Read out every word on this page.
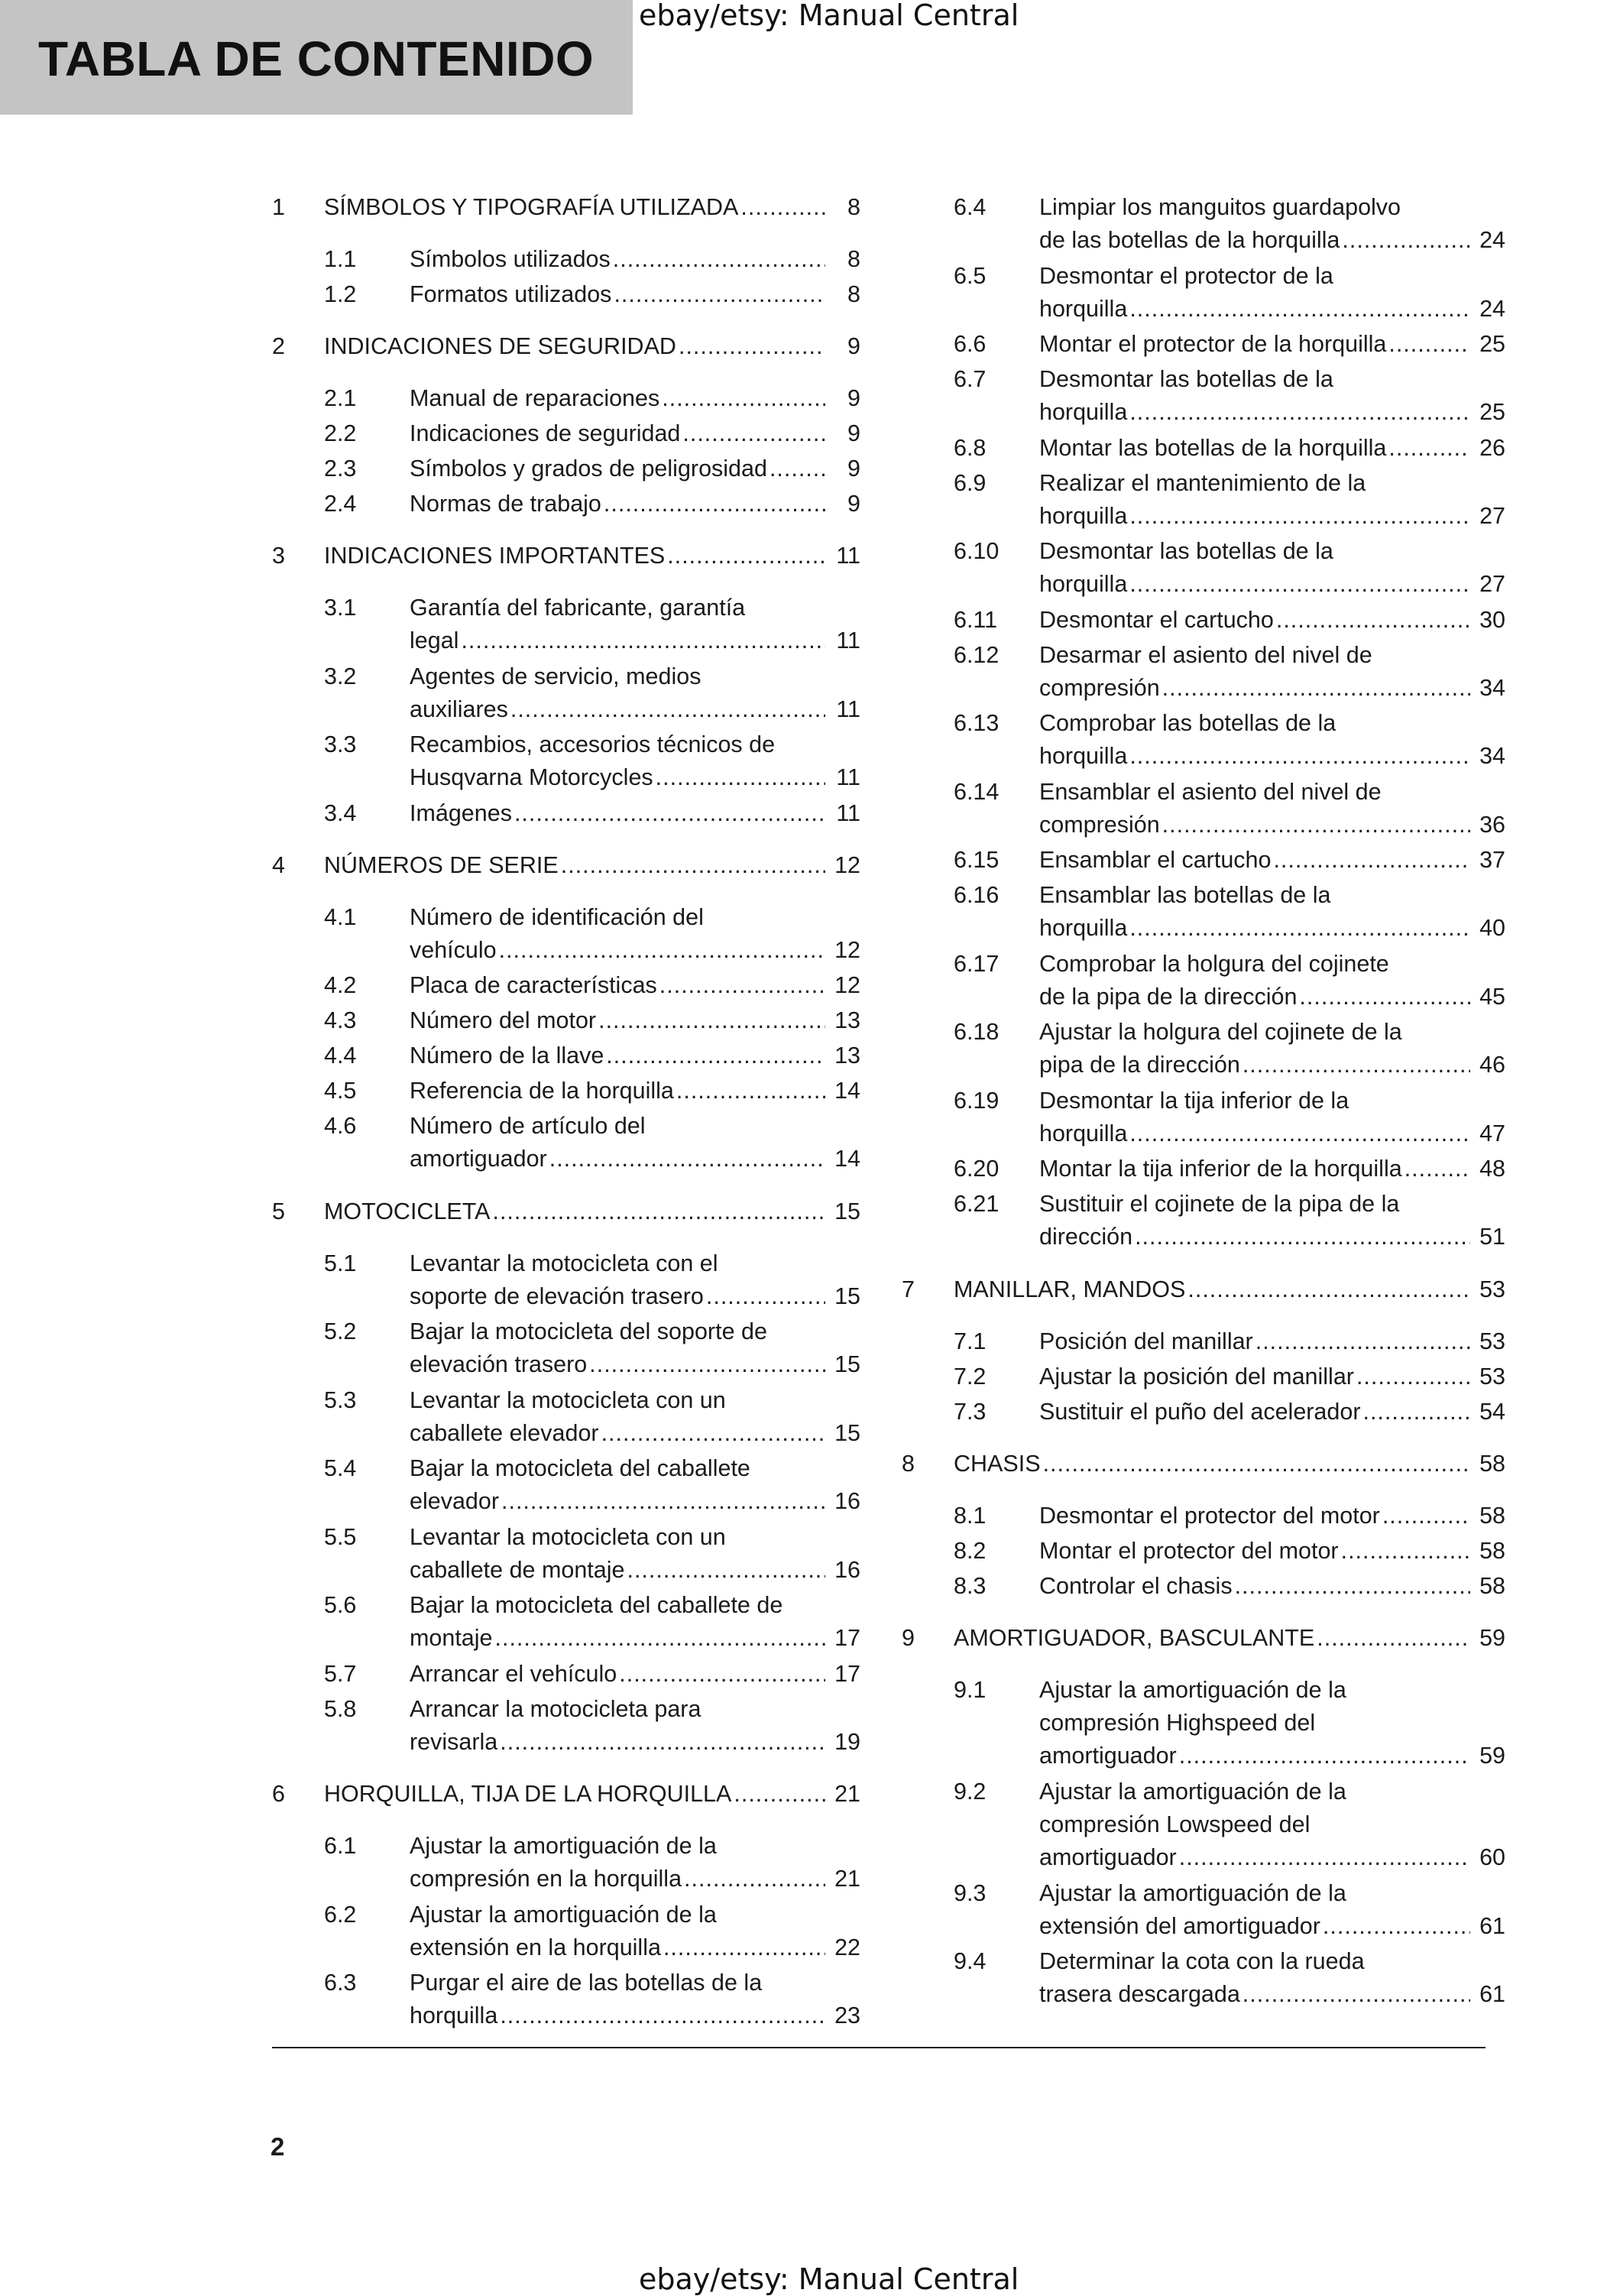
TABLA DE CONTENIDO
ebay/etsy: Manual Central
1 SÍMBOLOS Y TIPOGRAFÍA UTILIZADA .....	8
1.1 Símbolos utilizados .....	8
1.2 Formatos utilizados .....	8
2 INDICACIONES DE SEGURIDAD .....	9
2.1 Manual de reparaciones .....	9
2.2 Indicaciones de seguridad .....	9
2.3 Símbolos y grados de peligrosidad .....	9
2.4 Normas de trabajo .....	9
3 INDICACIONES IMPORTANTES .....	11
3.1 Garantía del fabricante, garantía
legal .....	11
3.2 Agentes de servicio, medios
auxiliares .....	11
3.3 Recambios, accesorios técnicos de
Husqvarna Motorcycles .....	11
3.4 Imágenes .....	11
4 NÚMEROS DE SERIE .....	12
4.1 Número de identificación del
vehículo .....	12
4.2 Placa de características .....	12
4.3 Número del motor .....	13
4.4 Número de la llave .....	13
4.5 Referencia de la horquilla .....	14
4.6 Número de artículo del
amortiguador .....	14
5 MOTOCICLETA .....	15
5.1 Levantar la motocicleta con el
soporte de elevación trasero .....	15
5.2 Bajar la motocicleta del soporte de
elevación trasero .....	15
5.3 Levantar la motocicleta con un
caballete elevador .....	15
5.4 Bajar la motocicleta del caballete
elevador .....	16
5.5 Levantar la motocicleta con un
caballete de montaje .....	16
5.6 Bajar la motocicleta del caballete de
montaje .....	17
5.7 Arrancar el vehículo .....	17
5.8 Arrancar la motocicleta para
revisarla .....	19
6 HORQUILLA, TIJA DE LA HORQUILLA .....	21
6.1 Ajustar la amortiguación de la
compresión en la horquilla .....	21
6.2 Ajustar la amortiguación de la
extensión en la horquilla .....	22
6.3 Purgar el aire de las botellas de la
horquilla .....	23
6.4 Limpiar los manguitos guardapolvo
de las botellas de la horquilla .....	24
6.5 Desmontar el protector de la
horquilla .....	24
6.6 Montar el protector de la horquilla .....	25
6.7 Desmontar las botellas de la
horquilla .....	25
6.8 Montar las botellas de la horquilla .....	26
6.9 Realizar el mantenimiento de la
horquilla .....	27
6.10 Desmontar las botellas de la
horquilla .....	27
6.11 Desmontar el cartucho .....	30
6.12 Desarmar el asiento del nivel de
compresión .....	34
6.13 Comprobar las botellas de la
horquilla .....	34
6.14 Ensamblar el asiento del nivel de
compresión .....	36
6.15 Ensamblar el cartucho .....	37
6.16 Ensamblar las botellas de la
horquilla .....	40
6.17 Comprobar la holgura del cojinete
de la pipa de la dirección .....	45
6.18 Ajustar la holgura del cojinete de la
pipa de la dirección .....	46
6.19 Desmontar la tija inferior de la
horquilla .....	47
6.20 Montar la tija inferior de la horquilla .....	48
6.21 Sustituir el cojinete de la pipa de la
dirección .....	51
7 MANILLAR, MANDOS .....	53
7.1 Posición del manillar .....	53
7.2 Ajustar la posición del manillar .....	53
7.3 Sustituir el puño del acelerador .....	54
8 CHASIS .....	58
8.1 Desmontar el protector del motor .....	58
8.2 Montar el protector del motor .....	58
8.3 Controlar el chasis .....	58
9 AMORTIGUADOR, BASCULANTE .....	59
9.1 Ajustar la amortiguación de la
compresión Highspeed del
amortiguador .....	59
9.2 Ajustar la amortiguación de la
compresión Lowspeed del
amortiguador .....	60
9.3 Ajustar la amortiguación de la
extensión del amortiguador .....	61
9.4 Determinar la cota con la rueda
trasera descargada .....	61
2
ebay/etsy: Manual Central
